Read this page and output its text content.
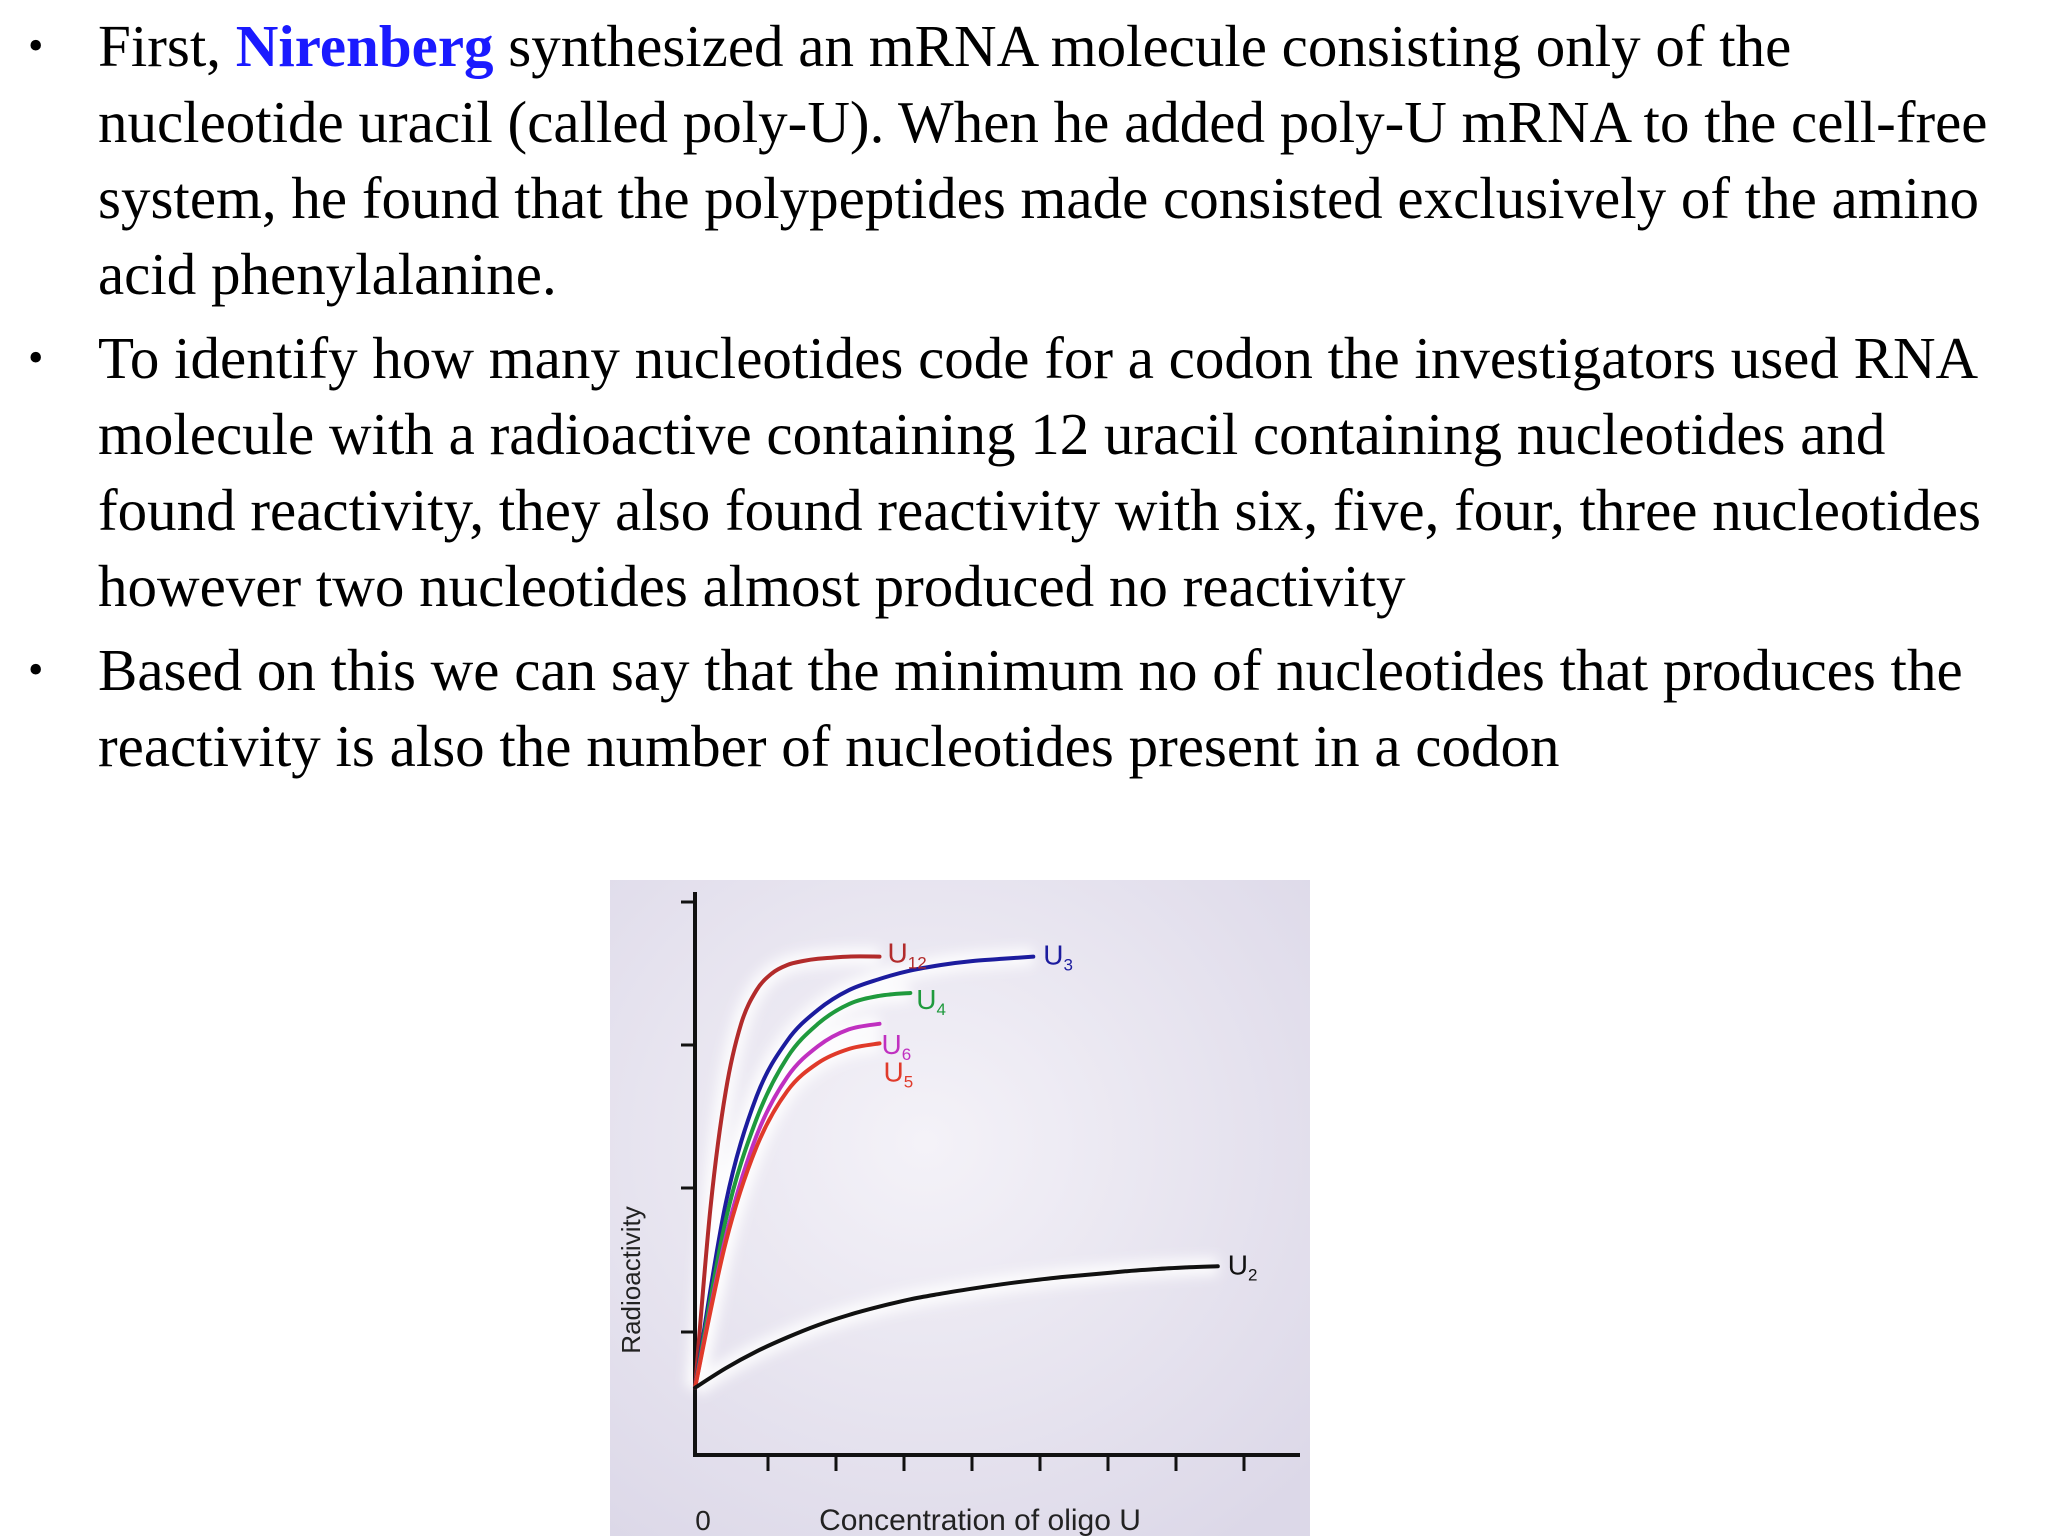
• First, Nirenberg synthesized an mRNA molecule consisting only of the nucleotide uracil (called poly-U). When he added poly-U mRNA to the cell-free system, he found that the polypeptides made consisted exclusively of the amino acid phenylalanine.
• To identify how many nucleotides code for a codon the investigators used RNA molecule with a radioactive containing 12 uracil containing nucleotides and found reactivity, they also found reactivity with six, five, four, three nucleotides however two nucleotides almost produced no reactivity
• Based on this we can say that the minimum no of nucleotides that produces the reactivity is also the number of nucleotides present in a codon
$U_{12}$	$U_3$
$U_4$
$U_6$
$U_5$
$U_2$
Radioactivity
Concentration of oligo U
0
